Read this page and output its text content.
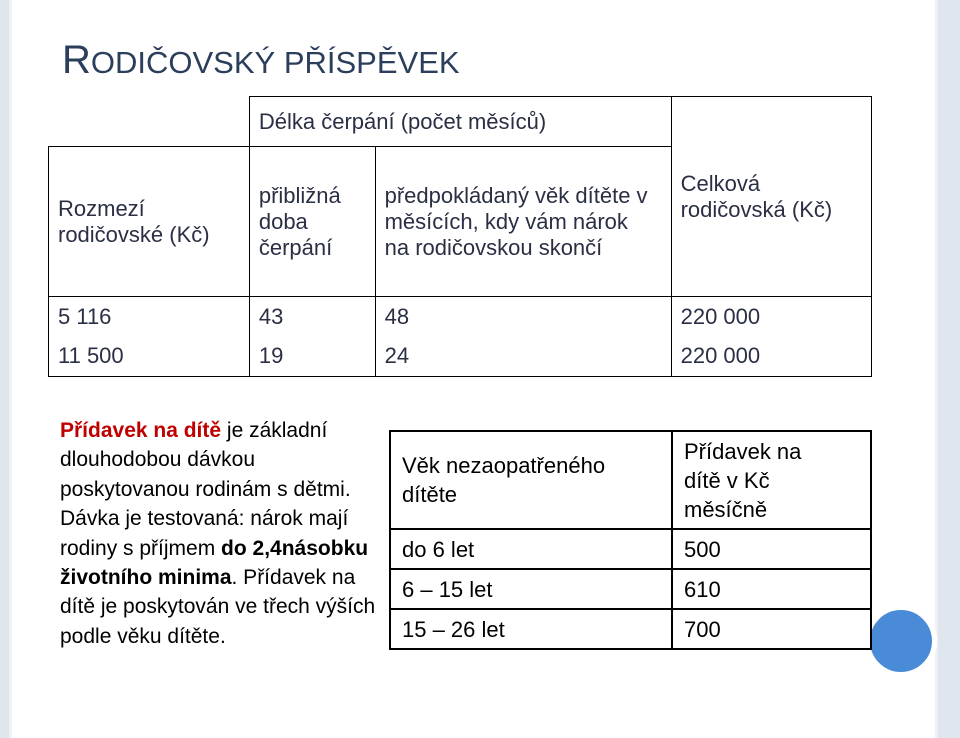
RODIČOVSKÝ PŘÍSPĚVEK
	Délka čerpání (počet měsíců)		Celková rodičovská (Kč)
Rozmezí rodičovské (Kč)	přibližná doba čerpání	předpokládaný věk dítěte v měsících, kdy vám nárok na rodičovskou skončí	
5 116	43	48	220 000
11 500	19	24	220 000
Přídavek na dítě je základní dlouhodobou dávkou poskytovanou rodinám s dětmi. Dávka je testovaná: nárok mají rodiny s příjmem do 2,4násobku životního minima. Přídavek na dítě je poskytován ve třech výších podle věku dítěte.
Věk nezaopatřeného dítěte	Přídavek na dítě v Kč měsíčně
do 6 let	500
6 – 15 let	610
15 – 26 let	700
